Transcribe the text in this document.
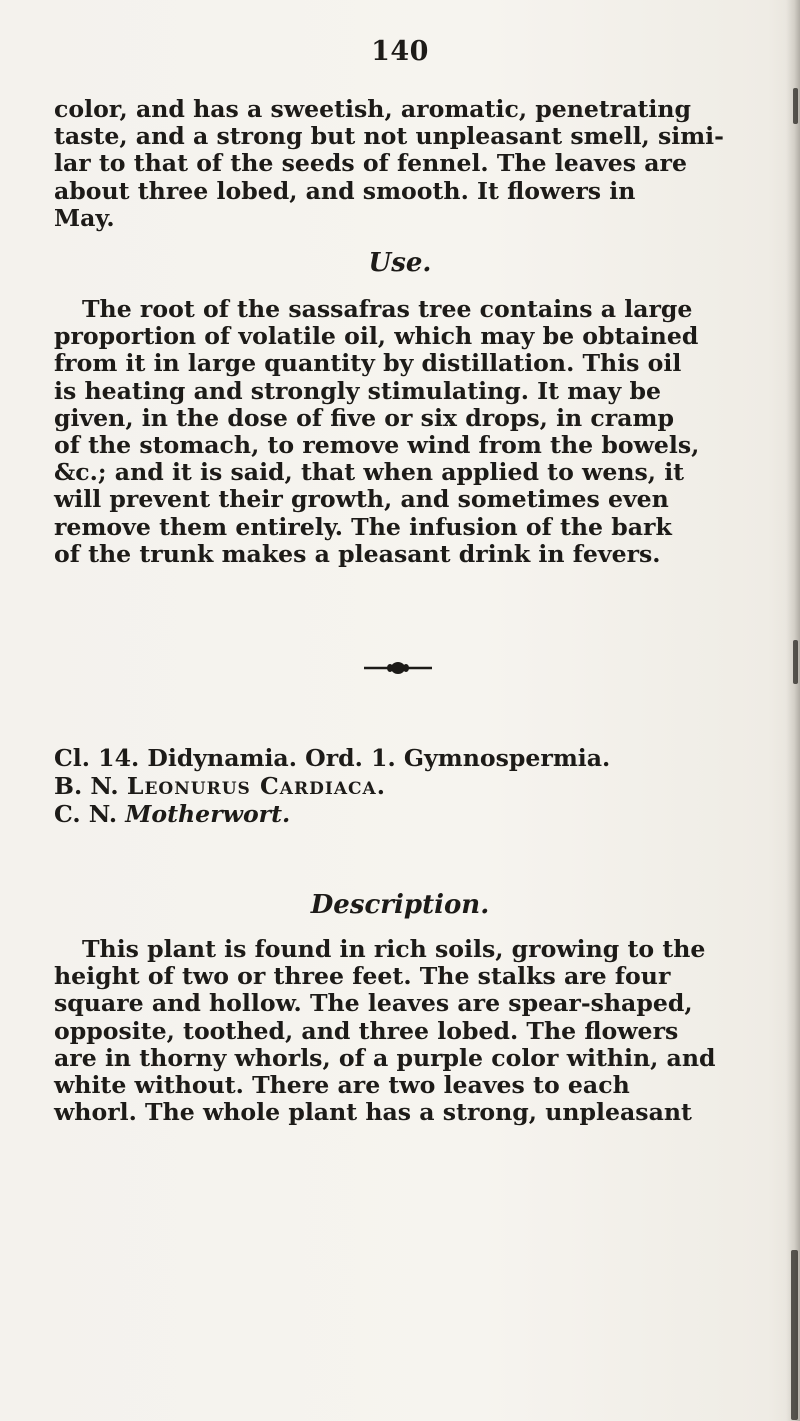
140
color, and has a sweetish, aromatic, penetrating
taste, and a strong but not unpleasant smell, simi-
lar to that of the seeds of fennel. The leaves are
about three lobed, and smooth. It flowers in
May.
Use.
The root of the sassafras tree contains a large
proportion of volatile oil, which may be obtained
from it in large quantity by distillation. This oil
is heating and strongly stimulating. It may be
given, in the dose of five or six drops, in cramp
of the stomach, to remove wind from the bowels,
&c.; and it is said, that when applied to wens, it
will prevent their growth, and sometimes even
remove them entirely. The infusion of the bark
of the trunk makes a pleasant drink in fevers.
Cl. 14. Didynamia. Ord. 1. Gymnospermia.
B. N. Leonurus Cardiaca.
C. N. Motherwort.
Description.
This plant is found in rich soils, growing to the
height of two or three feet. The stalks are four
square and hollow. The leaves are spear-shaped,
opposite, toothed, and three lobed. The flowers
are in thorny whorls, of a purple color within, and
white without. There are two leaves to each
whorl. The whole plant has a strong, unpleasant
